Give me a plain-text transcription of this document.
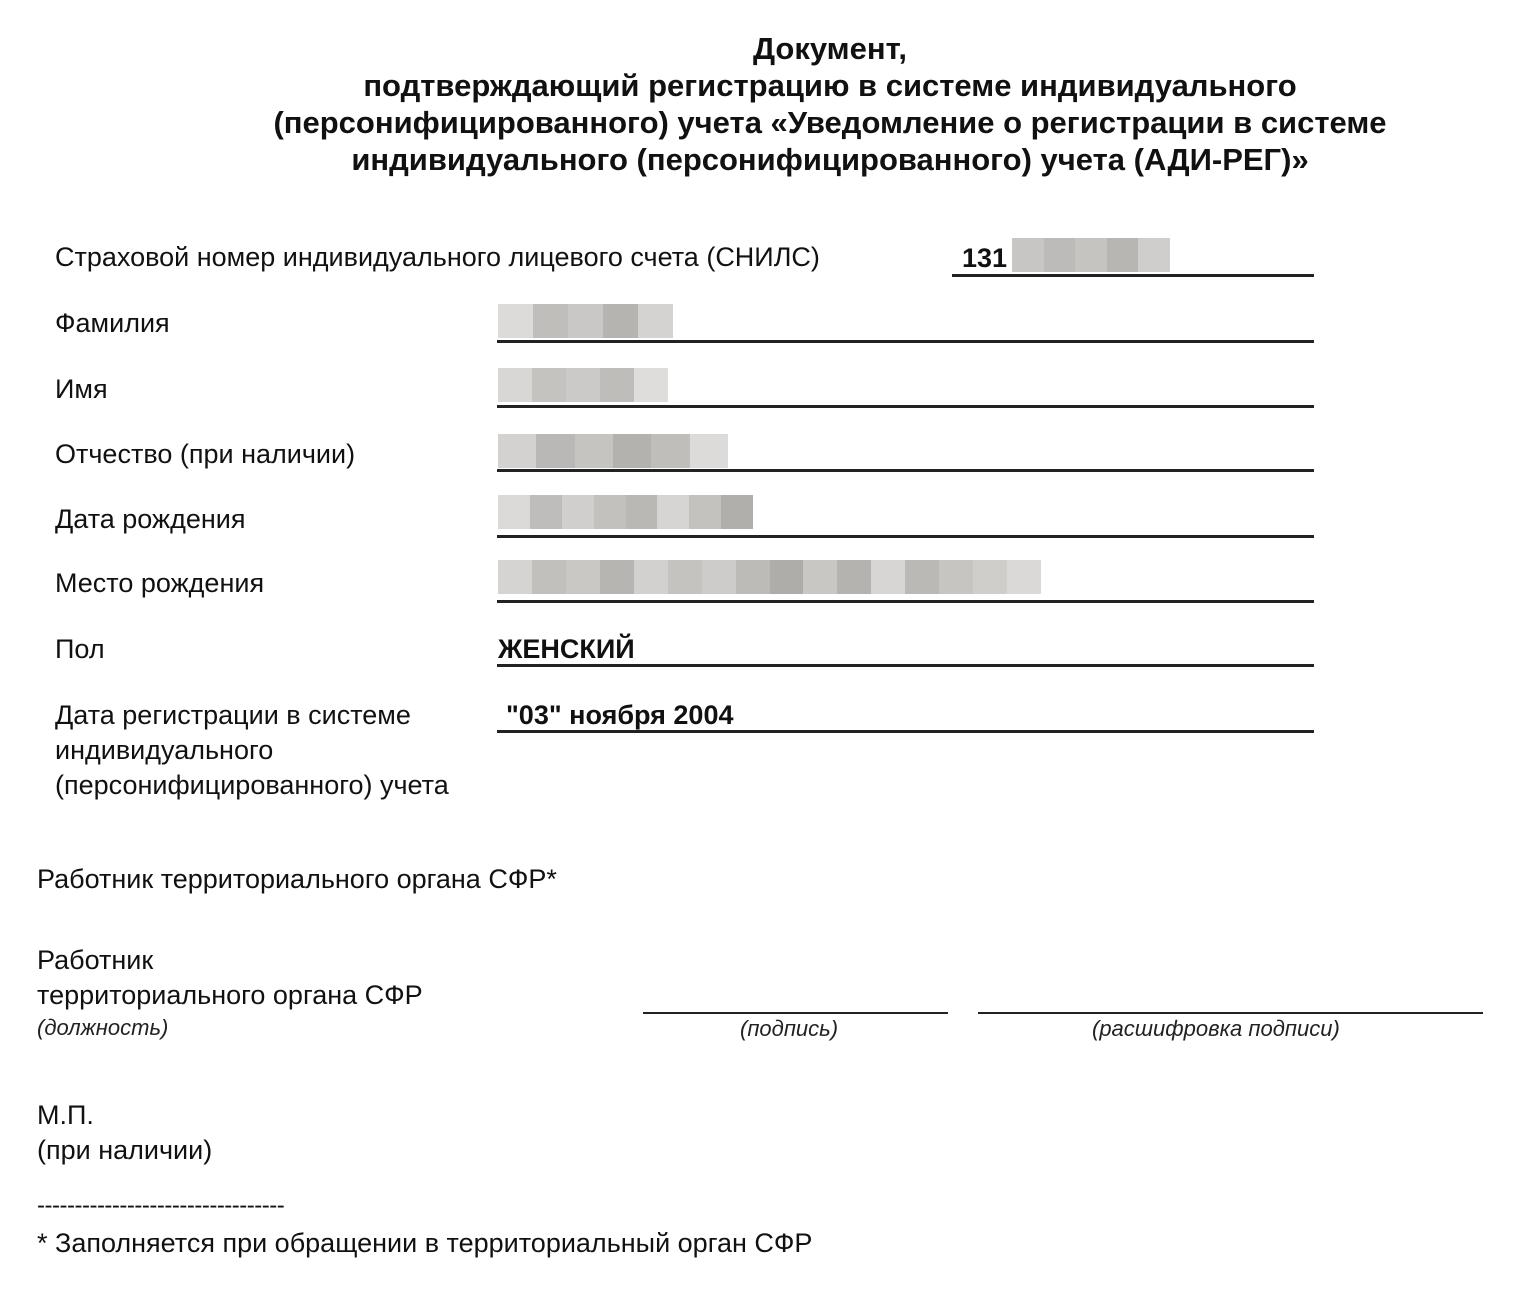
Документ,
подтверждающий регистрацию в системе индивидуального
(персонифицированного) учета «Уведомление о регистрации в системе
индивидуального (персонифицированного) учета (АДИ-РЕГ)»
Страховой номер индивидуального лицевого счета (СНИЛС)	131
Фамилия
Имя
Отчество (при наличии)
Дата рождения
Место рождения
Пол	ЖЕНСКИЙ
Дата регистрации в системе
индивидуального
(персонифицированного) учета
"03" ноября 2004
Работник территориального органа СФР*
Работник
территориального органа СФР
(должность)	(подпись)	(расшифровка подписи)
М.П.
(при наличии)
---------------------------------
* Заполняется при обращении в территориальный орган СФР
